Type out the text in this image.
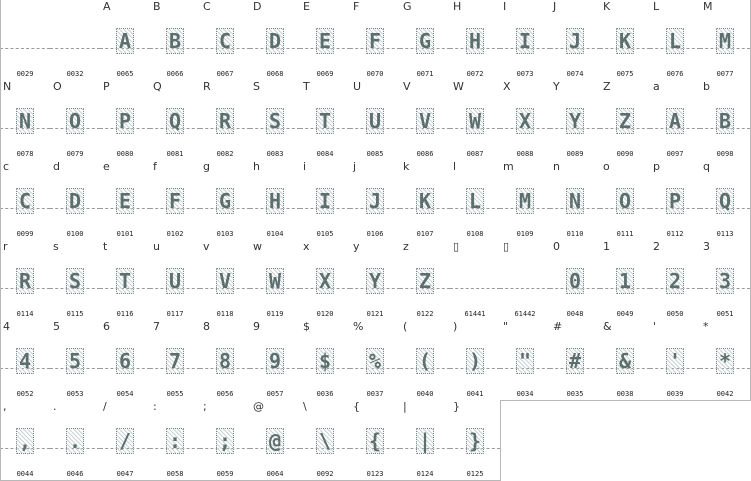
0029	0032
A
A
0065
B
B
0066
C
C
0067
D
D
0068
E
E
0069
F
F
0070
G
G
0071
H
H
0072
I
I
0073
J
J
0074
K
K
0075
L
L
0076
M
M
0077
N
N
0078
O
O
0079
P
P
0080
Q
Q
0081
R
R
0082
S
S
0083
T
T
0084
U
U
0085
V
V
0086
W
W
0087
X
X
0088
Y
Y
0089
Z
Z
0090
a
A
0097
b
B
0098
c
C
0099
d
D
0100
e
E
0101
f
F
0102
g
G
0103
h
H
0104
i
I
0105
j
J
0106
k
K
0107
l
L
0108
m
M
0109
n
N
0110
o
O
0111
p
P
0112
q
Q
0113
r
R
0114
s
S
0115
t
T
0116
u
U
0117
v
V
0118
w
W
0119
x
X
0120
y
Y
0121
z
Z
0122
▯
61441
▯
61442
0
0
0048
1
1
0049
2
2
0050
3
3
0051
4
4
0052
5
5
0053
6
6
0054
7
7
0055
8
8
0056
9
9
0057
$
$
0036
%
%
0037
(
(
0040
)
)
0041
"
"
0034
#
#
0035
&
&
0038
'
'
0039
*
*
0042
,
,
0044
.
.
0046
/
/
0047
:
:
0058
;
;
0059
@
@
0064
\
\
0092
{
{
0123
|
|
0124
}
}
0125
